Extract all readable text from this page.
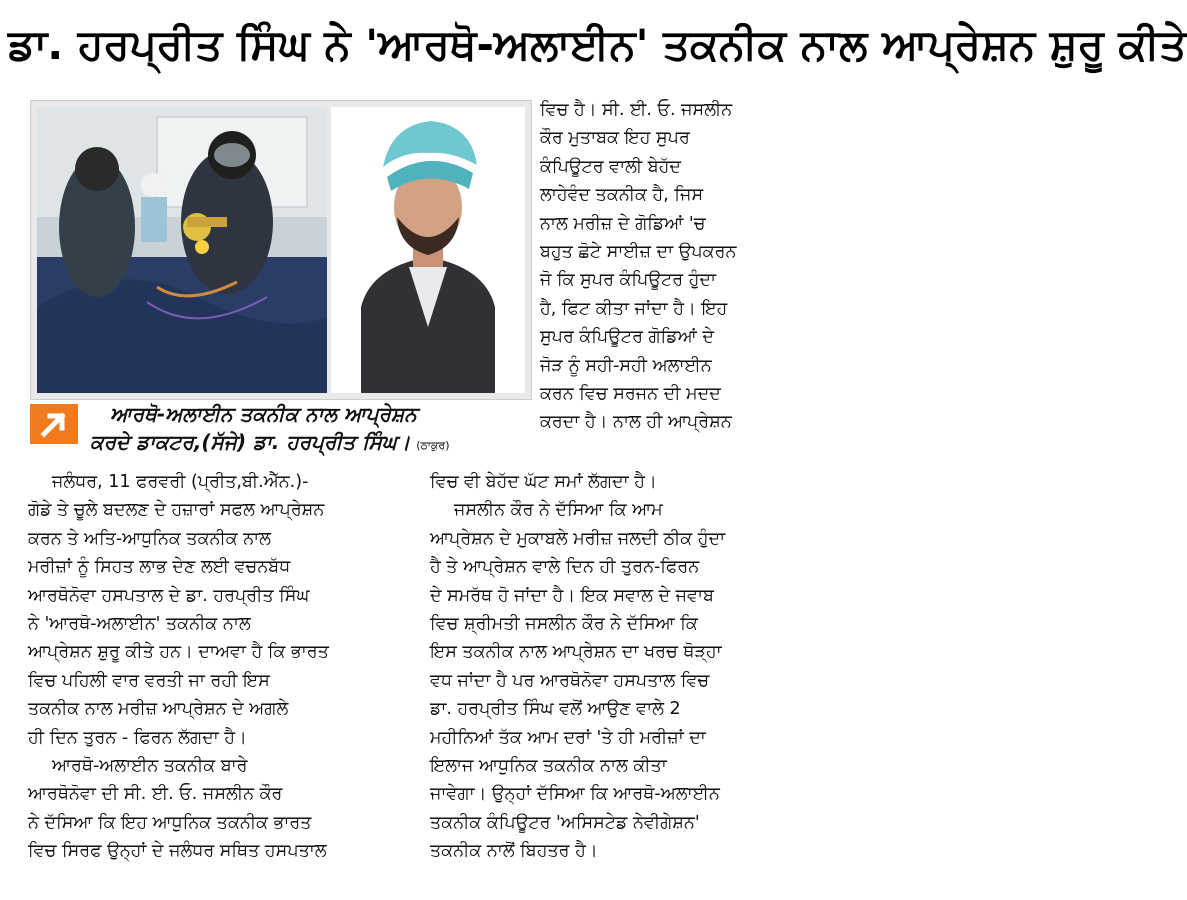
ਡਾ. ਹਰਪ੍ਰੀਤ ਸਿੰਘ ਨੇ 'ਆਰਥੋ-ਅਲਾਈਨ' ਤਕਨੀਕ ਨਾਲ ਆਪ੍ਰੇਸ਼ਨ ਸ਼ੁਰੂ ਕੀਤੇ
ਆਰਥੋ-ਅਲਾਈਨ ਤਕਨੀਕ ਨਾਲ ਆਪ੍ਰੇਸ਼ਨ
ਕਰਦੇ ਡਾਕਟਰ,(ਸੱਜੇ) ਡਾ. ਹਰਪ੍ਰੀਤ ਸਿੰਘ। (ਠਾਕੁਰ)
ਵਿਚ ਹੈ। ਸੀ. ਈ. ਓ. ਜਸਲੀਨ
ਕੌਰ ਮੁਤਾਬਕ ਇਹ ਸੁਪਰ
ਕੰਪਿਊਟਰ ਵਾਲੀ ਬੇਹੱਦ
ਲਾਹੇਵੰਦ ਤਕਨੀਕ ਹੈ, ਜਿਸ
ਨਾਲ ਮਰੀਜ਼ ਦੇ ਗੋਡਿਆਂ 'ਚ
ਬਹੁਤ ਛੋਟੇ ਸਾਈਜ਼ ਦਾ ਉਪਕਰਨ
ਜੋ ਕਿ ਸੁਪਰ ਕੰਪਿਊਟਰ ਹੁੰਦਾ
ਹੈ, ਫਿਟ ਕੀਤਾ ਜਾਂਦਾ ਹੈ। ਇਹ
ਸੁਪਰ ਕੰਪਿਊਟਰ ਗੋਡਿਆਂ ਦੇ
ਜੋੜ ਨੂੰ ਸਹੀ-ਸਹੀ ਅਲਾਈਨ
ਕਰਨ ਵਿਚ ਸਰਜਨ ਦੀ ਮਦਦ
ਕਰਦਾ ਹੈ। ਨਾਲ ਹੀ ਆਪ੍ਰੇਸ਼ਨ
ਜਲੰਧਰ, 11 ਫਰਵਰੀ (ਪ੍ਰੀਤ,ਬੀ.ਐੱਨ.)-
ਗੋਡੇ ਤੇ ਚੂਲੇ ਬਦਲਣ ਦੇ ਹਜ਼ਾਰਾਂ ਸਫਲ ਆਪ੍ਰੇਸ਼ਨ
ਕਰਨ ਤੇ ਅਤਿ-ਆਧੁਨਿਕ ਤਕਨੀਕ ਨਾਲ
ਮਰੀਜ਼ਾਂ ਨੂੰ ਸਿਹਤ ਲਾਭ ਦੇਣ ਲਈ ਵਚਨਬੱਧ
ਆਰਥੋਨੋਵਾ ਹਸਪਤਾਲ ਦੇ ਡਾ. ਹਰਪ੍ਰੀਤ ਸਿੰਘ
ਨੇ 'ਆਰਥੋ-ਅਲਾਈਨ' ਤਕਨੀਕ ਨਾਲ
ਆਪ੍ਰੇਸ਼ਨ ਸ਼ੁਰੂ ਕੀਤੇ ਹਨ। ਦਾਅਵਾ ਹੈ ਕਿ ਭਾਰਤ
ਵਿਚ ਪਹਿਲੀ ਵਾਰ ਵਰਤੀ ਜਾ ਰਹੀ ਇਸ
ਤਕਨੀਕ ਨਾਲ ਮਰੀਜ਼ ਆਪ੍ਰੇਸ਼ਨ ਦੇ ਅਗਲੇ
ਹੀ ਦਿਨ ਤੁਰਨ - ਫਿਰਨ ਲੱਗਦਾ ਹੈ।
ਆਰਥੋ-ਅਲਾਈਨ ਤਕਨੀਕ ਬਾਰੇ
ਆਰਥੋਨੋਵਾ ਦੀ ਸੀ. ਈ. ਓ. ਜਸਲੀਨ ਕੌਰ
ਨੇ ਦੱਸਿਆ ਕਿ ਇਹ ਆਧੁਨਿਕ ਤਕਨੀਕ ਭਾਰਤ
ਵਿਚ ਸਿਰਫ ਉਨ੍ਹਾਂ ਦੇ ਜਲੰਧਰ ਸਥਿਤ ਹਸਪਤਾਲ
ਵਿਚ ਵੀ ਬੇਹੱਦ ਘੱਟ ਸਮਾਂ ਲੱਗਦਾ ਹੈ।
ਜਸਲੀਨ ਕੌਰ ਨੇ ਦੱਸਿਆ ਕਿ ਆਮ
ਆਪ੍ਰੇਸ਼ਨ ਦੇ ਮੁਕਾਬਲੇ ਮਰੀਜ਼ ਜਲਦੀ ਠੀਕ ਹੁੰਦਾ
ਹੈ ਤੇ ਆਪ੍ਰੇਸ਼ਨ ਵਾਲੇ ਦਿਨ ਹੀ ਤੁਰਨ-ਫਿਰਨ
ਦੇ ਸਮਰੱਥ ਹੋ ਜਾਂਦਾ ਹੈ। ਇਕ ਸਵਾਲ ਦੇ ਜਵਾਬ
ਵਿਚ ਸ਼੍ਰੀਮਤੀ ਜਸਲੀਨ ਕੌਰ ਨੇ ਦੱਸਿਆ ਕਿ
ਇਸ ਤਕਨੀਕ ਨਾਲ ਆਪ੍ਰੇਸ਼ਨ ਦਾ ਖਰਚ ਥੋੜ੍ਹਾ
ਵਧ ਜਾਂਦਾ ਹੈ ਪਰ ਆਰਥੋਨੋਵਾ ਹਸਪਤਾਲ ਵਿਚ
ਡਾ. ਹਰਪ੍ਰੀਤ ਸਿੰਘ ਵਲੋਂ ਆਉਣ ਵਾਲੇ 2
ਮਹੀਨਿਆਂ ਤੱਕ ਆਮ ਦਰਾਂ 'ਤੇ ਹੀ ਮਰੀਜ਼ਾਂ ਦਾ
ਇਲਾਜ ਆਧੁਨਿਕ ਤਕਨੀਕ ਨਾਲ ਕੀਤਾ
ਜਾਵੇਗਾ। ਉਨ੍ਹਾਂ ਦੱਸਿਆ ਕਿ ਆਰਥੋ-ਅਲਾਈਨ
ਤਕਨੀਕ ਕੰਪਿਊਟਰ 'ਅਸਿਸਟੇਡ ਨੇਵੀਗੇਸ਼ਨ'
ਤਕਨੀਕ ਨਾਲੋਂ ਬਿਹਤਰ ਹੈ।
